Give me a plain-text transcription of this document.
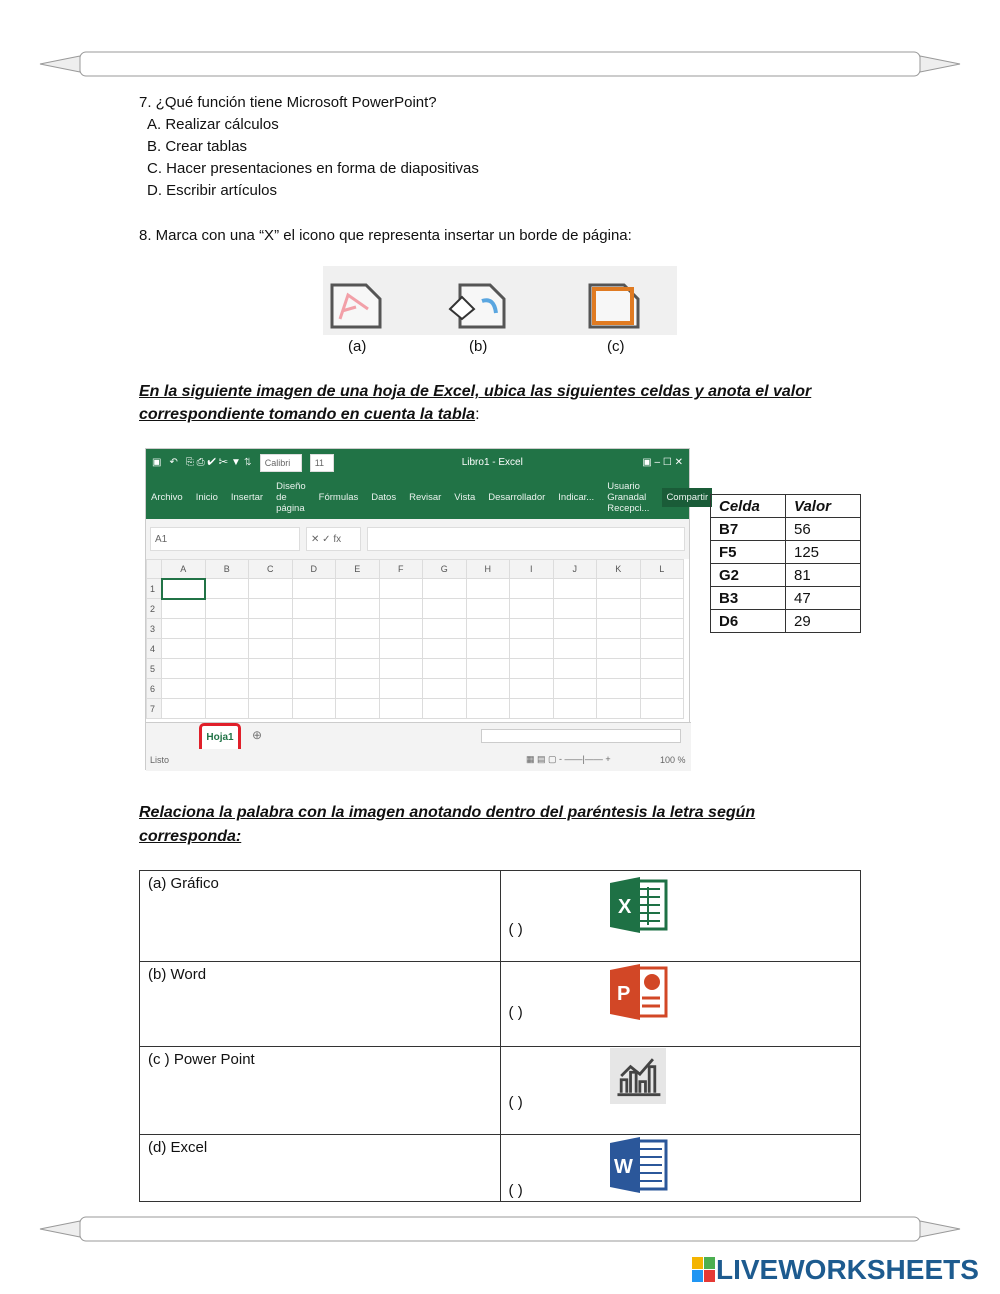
7. ¿Qué función tiene Microsoft PowerPoint?
A. Realizar cálculos
B. Crear tablas
C. Hacer presentaciones en forma de diapositivas
D. Escribir artículos
8. Marca con una “X” el icono que representa insertar un borde de página:
(a)	(b)	(c)
En la siguiente imagen de una hoja de Excel, ubica las siguientes celdas y anota el valor
correspondiente tomando en cuenta la tabla:
▣ ↶ ⎘ ⎙ ✔ ✂ ▼ ⇅	Calibri	11	Libro1 - Excel	▣ – ☐ ✕
Archivo Inicio Insertar
Diseño de página
Fórmulas Datos Revisar Vista Desarrollador Indicar...
Usuario Granadal Recepci...
Compartir
A1	✕ ✓ fx
	A	B	C	D	E	F	G	H	I	J	K	L
1												
2												
3												
4												
5												
6												
7												
Hoja1	⊕
Listo	▦ ▤ ▢ - ——|—— +	100 %
Celda	Valor
B7	56
F5	125
G2	81
B3	47
D6	29
Relaciona la palabra con la imagen anotando dentro del paréntesis la letra según
corresponda:
(a) Gráfico	( )
X

(b) Word	( )
P

(c ) Power Point	( )

(d) Excel	( )
W
LIVEWORKSHEETS
